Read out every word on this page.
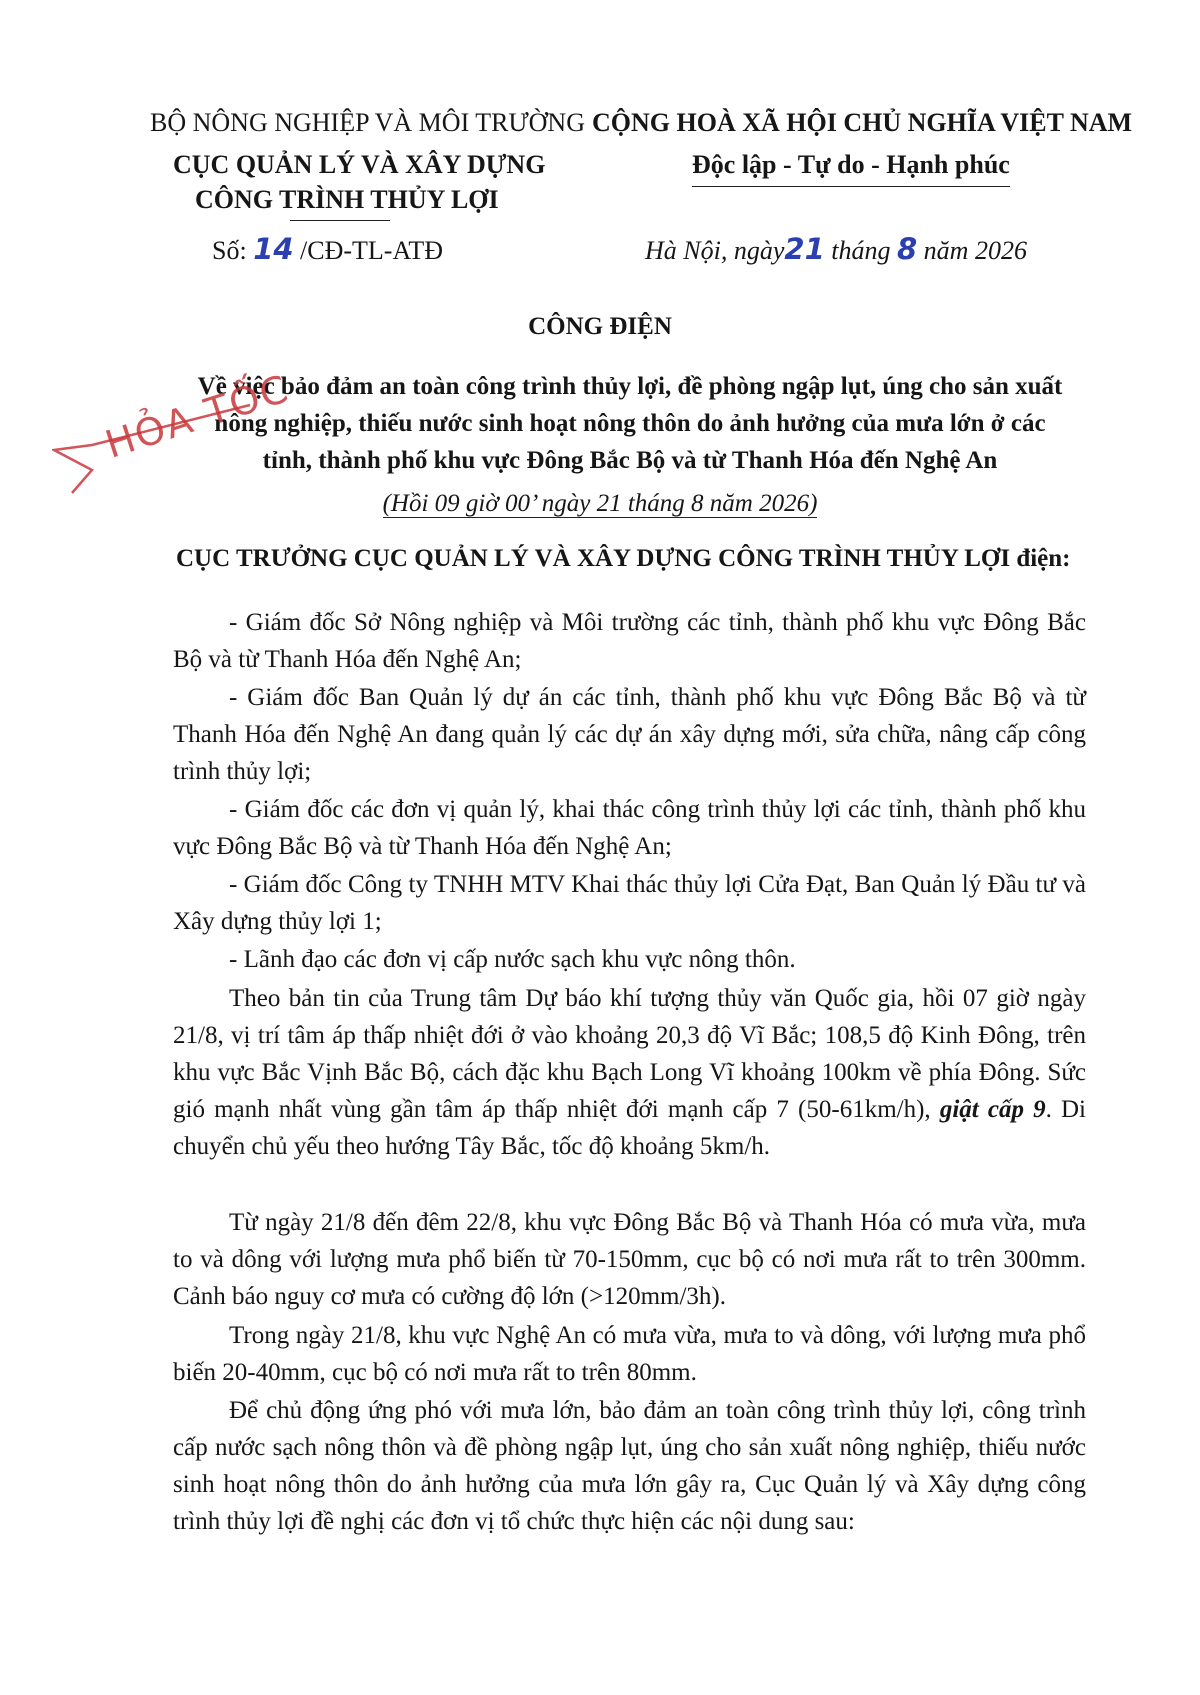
BỘ NÔNG NGHIỆP VÀ MÔI TRƯỜNG
CỤC QUẢN LÝ VÀ XÂY DỰNG
CÔNG TRÌNH THỦY LỢI
CỘNG HOÀ XÃ HỘI CHỦ NGHĨA VIỆT NAM
Độc lập - Tự do - Hạnh phúc
Số: 14 /CĐ-TL-ATĐ	Hà Nội, ngày21 tháng 8 năm 2026
CÔNG ĐIỆN
Về việc bảo đảm an toàn công trình thủy lợi, đề phòng ngập lụt, úng cho sản xuất
nông nghiệp, thiếu nước sinh hoạt nông thôn do ảnh hưởng của mưa lớn ở các
tỉnh, thành phố khu vực Đông Bắc Bộ và từ Thanh Hóa đến Nghệ An
(Hồi 09 giờ 00’ ngày 21 tháng 8 năm 2026)
HỎA TỐC
CỤC TRƯỞNG CỤC QUẢN LÝ VÀ XÂY DỰNG CÔNG TRÌNH THỦY LỢI điện:
- Giám đốc Sở Nông nghiệp và Môi trường các tỉnh, thành phố khu vực Đông Bắc Bộ và từ Thanh Hóa đến Nghệ An;
- Giám đốc Ban Quản lý dự án các tỉnh, thành phố khu vực Đông Bắc Bộ và từ Thanh Hóa đến Nghệ An đang quản lý các dự án xây dựng mới, sửa chữa, nâng cấp công trình thủy lợi;
- Giám đốc các đơn vị quản lý, khai thác công trình thủy lợi các tỉnh, thành phố khu vực Đông Bắc Bộ và từ Thanh Hóa đến Nghệ An;
- Giám đốc Công ty TNHH MTV Khai thác thủy lợi Cửa Đạt, Ban Quản lý Đầu tư và Xây dựng thủy lợi 1;
- Lãnh đạo các đơn vị cấp nước sạch khu vực nông thôn.
Theo bản tin của Trung tâm Dự báo khí tượng thủy văn Quốc gia, hồi 07 giờ ngày 21/8, vị trí tâm áp thấp nhiệt đới ở vào khoảng 20,3 độ Vĩ Bắc; 108,5 độ Kinh Đông, trên khu vực Bắc Vịnh Bắc Bộ, cách đặc khu Bạch Long Vĩ khoảng 100km về phía Đông. Sức gió mạnh nhất vùng gần tâm áp thấp nhiệt đới mạnh cấp 7 (50-61km/h), giật cấp 9. Di chuyển chủ yếu theo hướng Tây Bắc, tốc độ khoảng 5km/h.
Từ ngày 21/8 đến đêm 22/8, khu vực Đông Bắc Bộ và Thanh Hóa có mưa vừa, mưa to và dông với lượng mưa phổ biến từ 70-150mm, cục bộ có nơi mưa rất to trên 300mm. Cảnh báo nguy cơ mưa có cường độ lớn (>120mm/3h).
Trong ngày 21/8, khu vực Nghệ An có mưa vừa, mưa to và dông, với lượng mưa phổ biến 20-40mm, cục bộ có nơi mưa rất to trên 80mm.
Để chủ động ứng phó với mưa lớn, bảo đảm an toàn công trình thủy lợi, công trình cấp nước sạch nông thôn và đề phòng ngập lụt, úng cho sản xuất nông nghiệp, thiếu nước sinh hoạt nông thôn do ảnh hưởng của mưa lớn gây ra, Cục Quản lý và Xây dựng công trình thủy lợi đề nghị các đơn vị tổ chức thực hiện các nội dung sau:
